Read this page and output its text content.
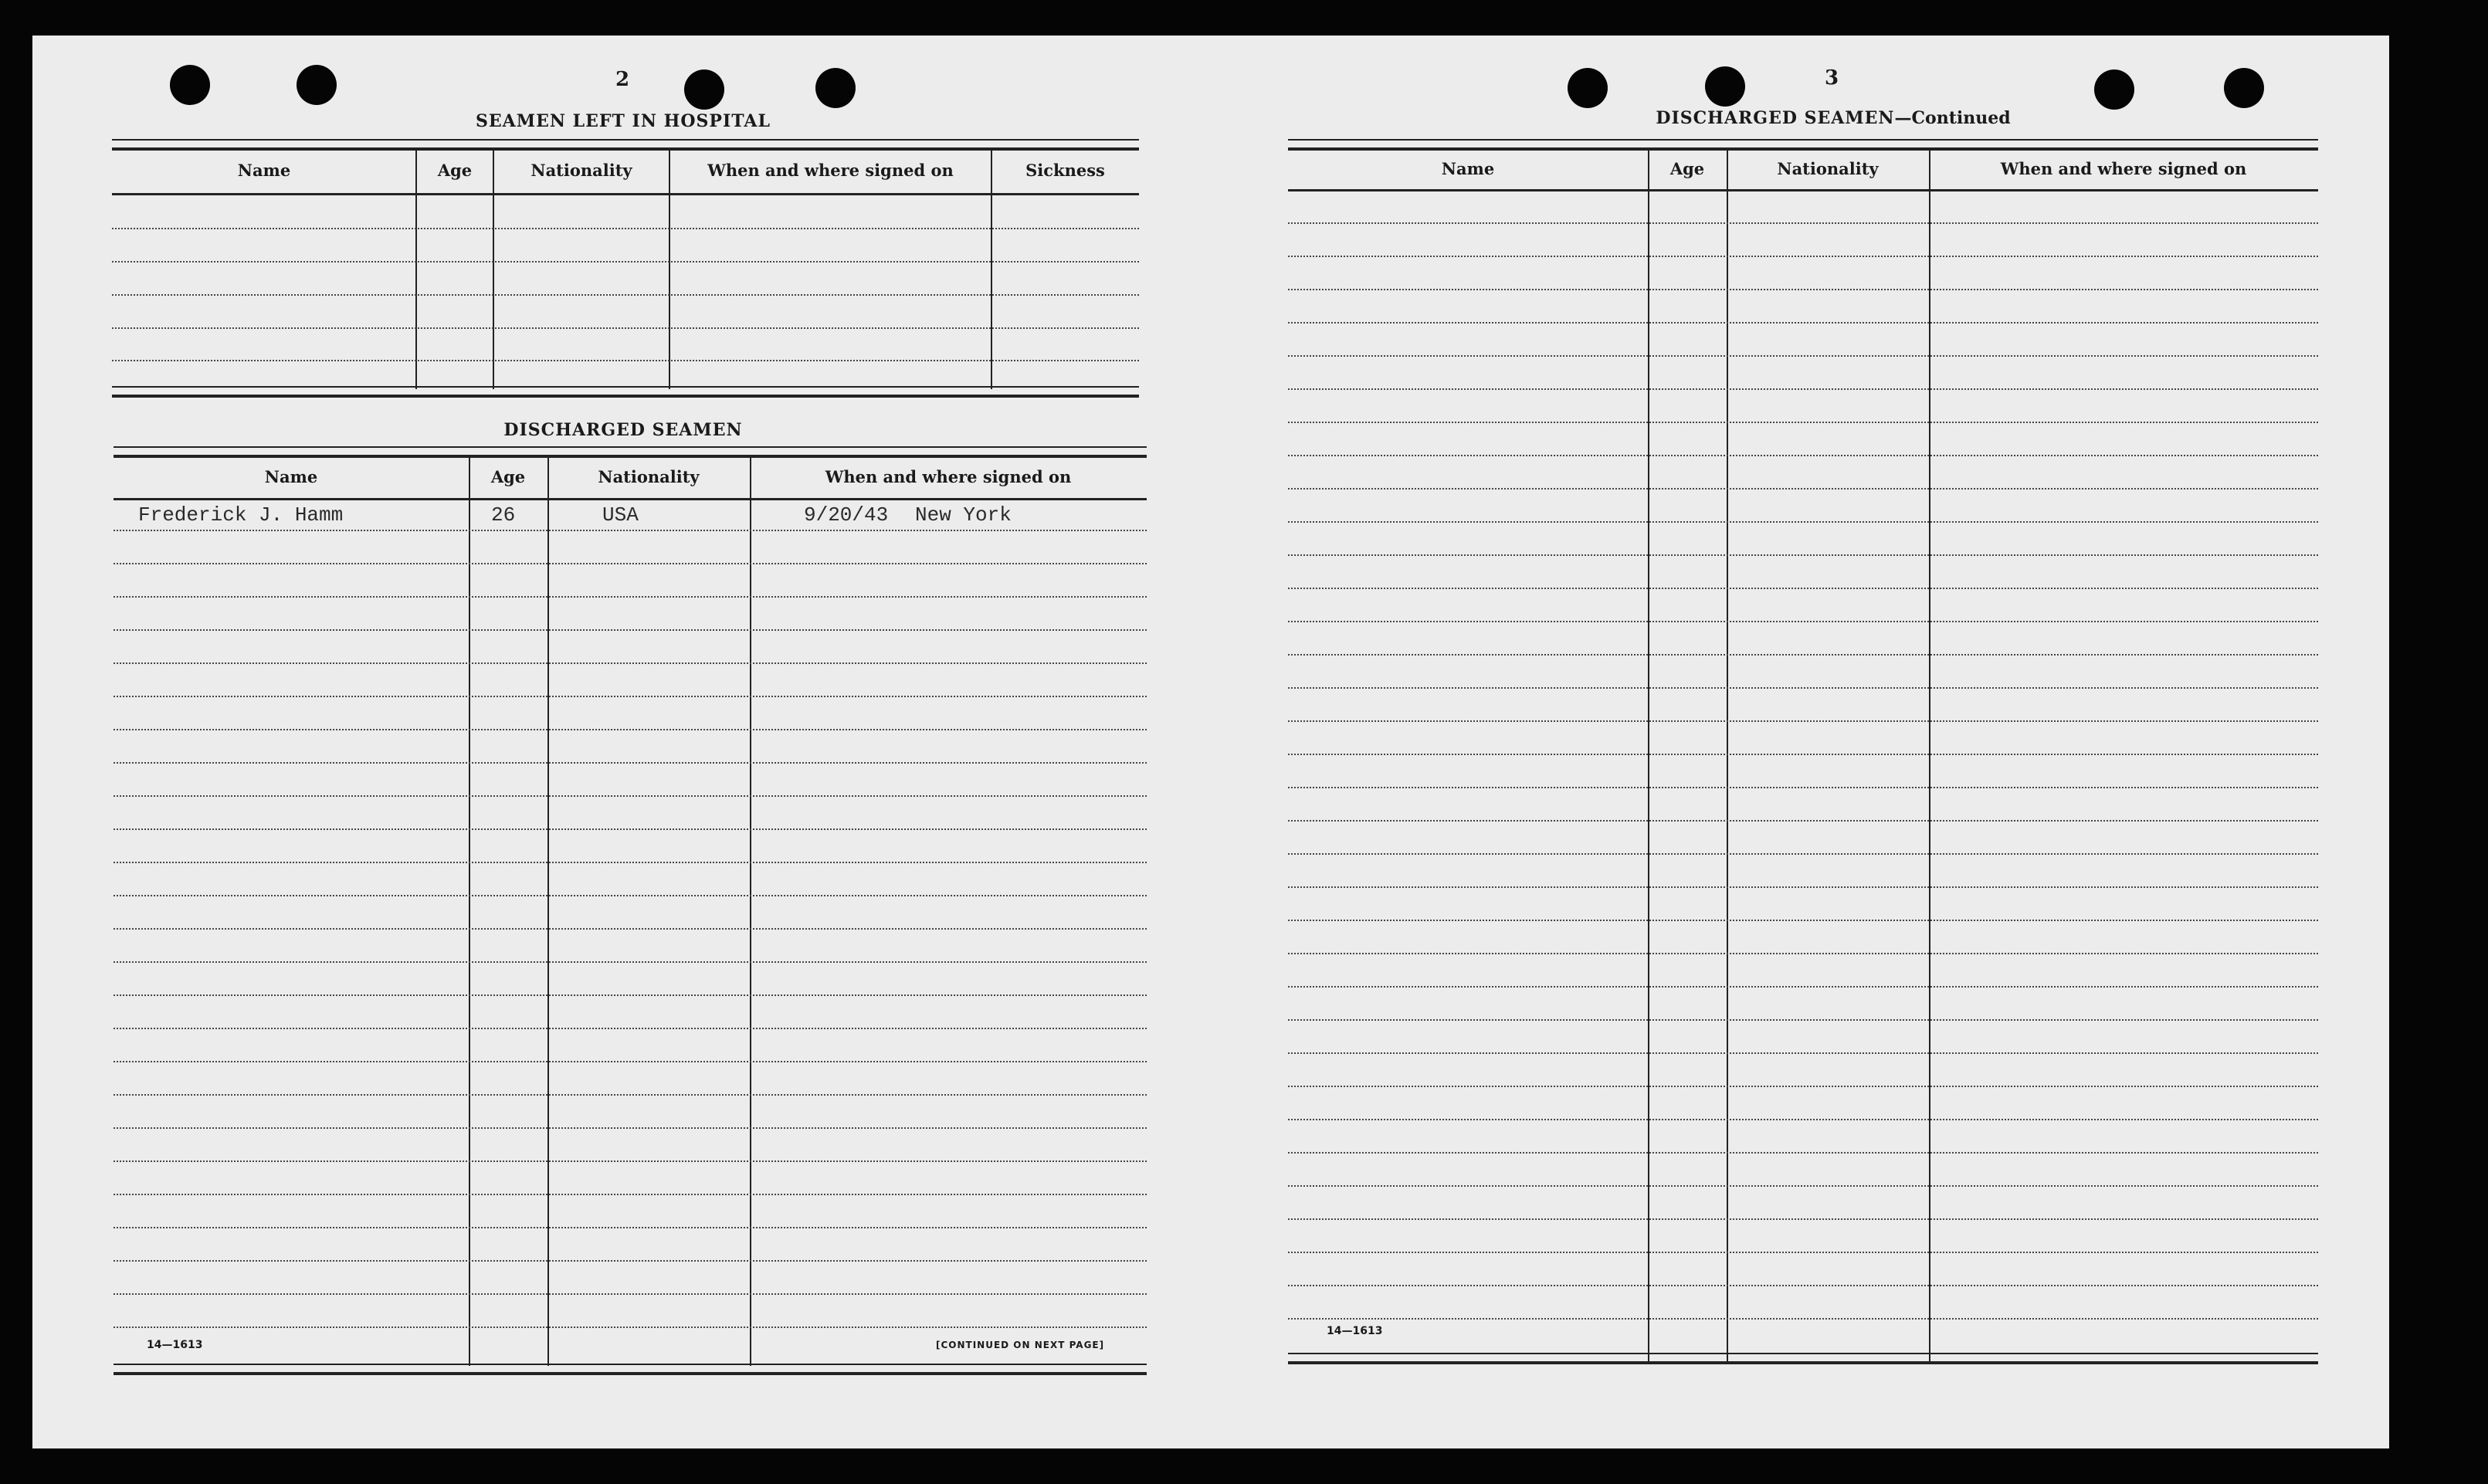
2
SEAMEN LEFT IN HOSPITAL
Name	Age	Nationality	When and where signed on	Sickness
DISCHARGED SEAMEN
Name	Age	Nationality	When and where signed on
Frederick J. Hamm	26	USA	9/20/43 New York
14—1613	[CONTINUED ON NEXT PAGE]
3
DISCHARGED SEAMEN—Continued
Name	Age	Nationality	When and where signed on
14—1613
